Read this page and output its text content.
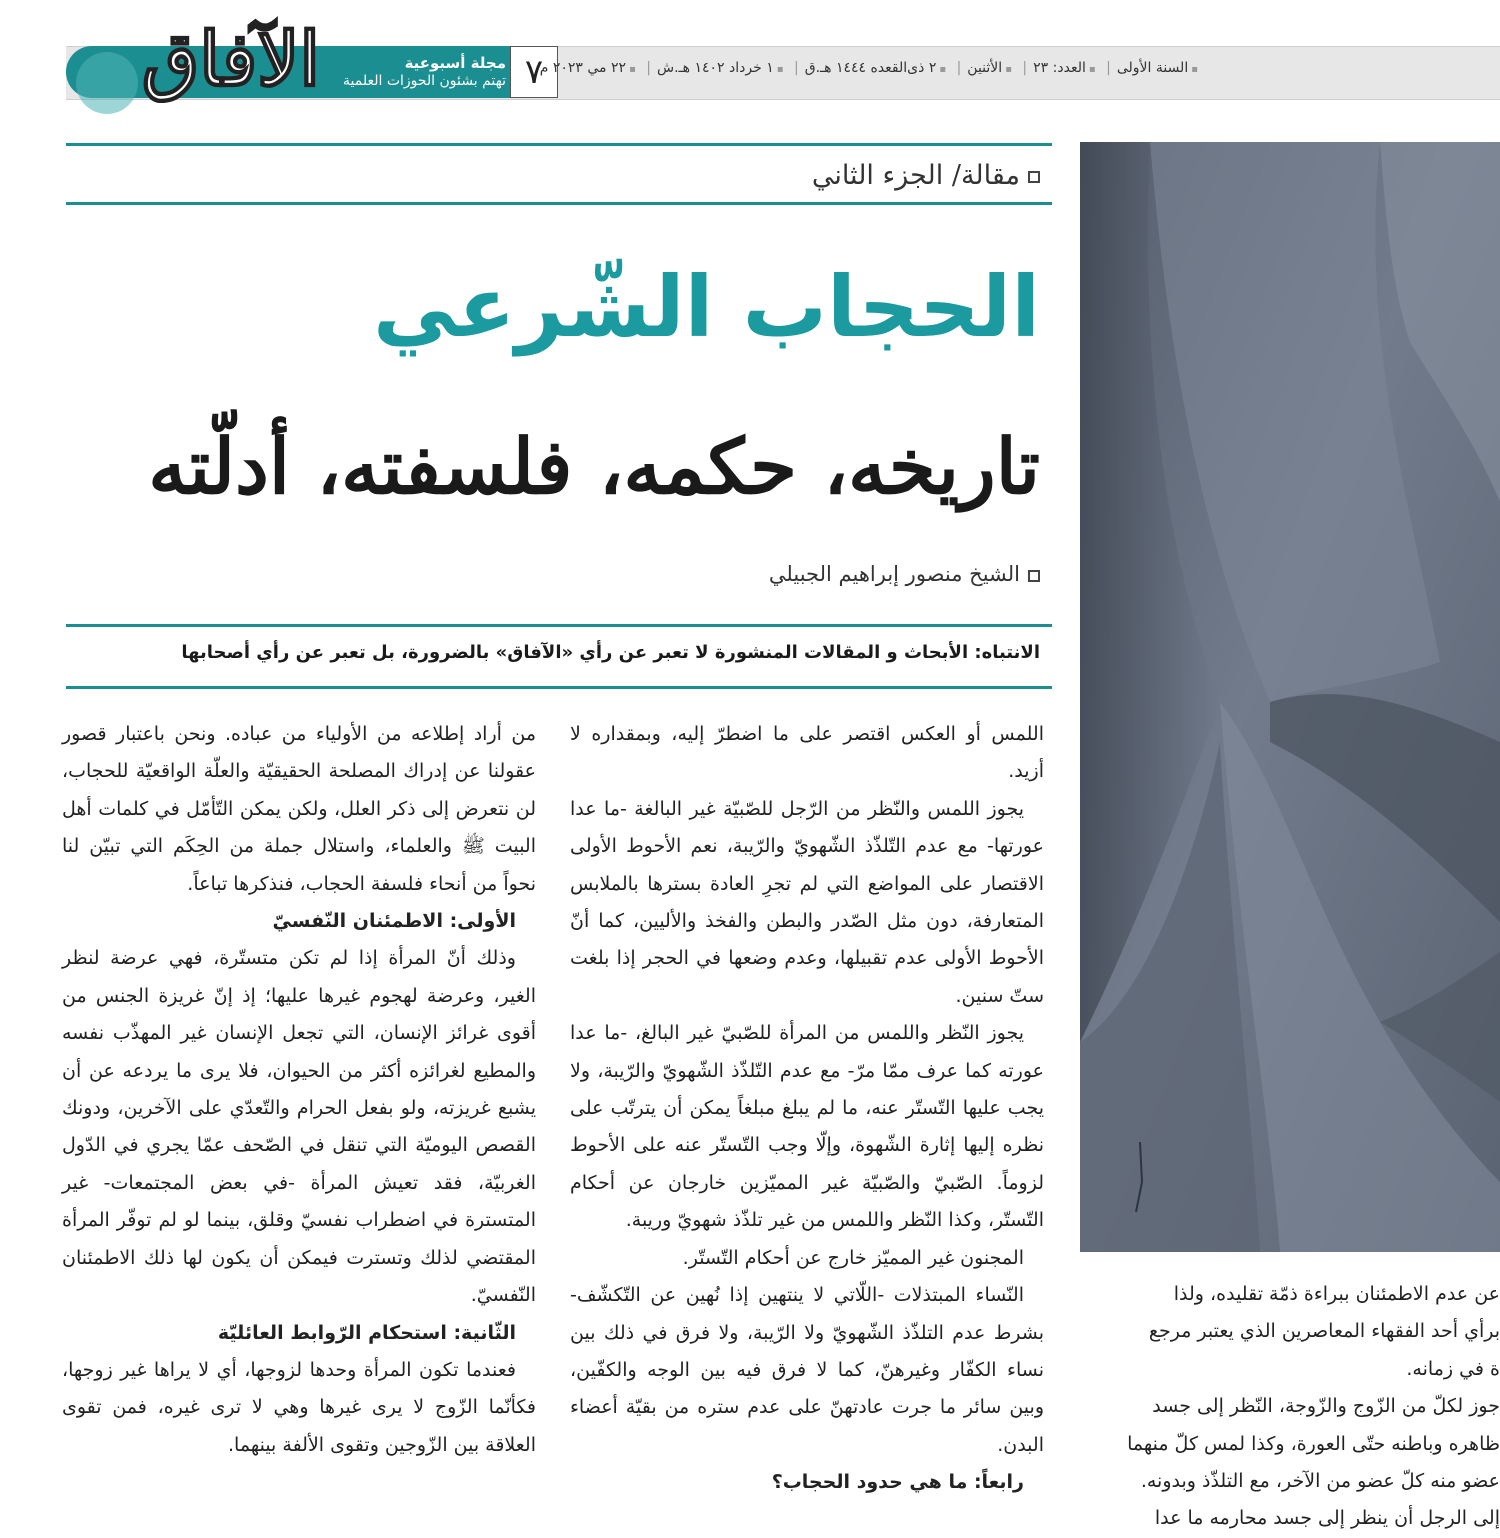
الآفاق	مجلة أسبوعية
تهتم بشئون الحوزات العلمية ٧	▪السنة الأولى| ▪العدد: ٢٣| ▪الأثنين| ▪٢ ذى‌القعده ١٤٤٤ هـ.ق| ▪١ خرداد ١٤٠٢ هـ.ش| ▪٢٢ مي ٢٠٢٣ م
مقالة/ الجزء الثاني
الحجاب الشّرعي
تاريخه، حكمه، فلسفته، أدلّته
الشيخ منصور إبراهيم الجبيلي
الانتباه: الأبحاث و المقالات المنشورة لا تعبر عن رأي «الآفاق» بالضرورة، بل تعبر عن رأي أصحابها

اللمس أو العكس اقتصر على ما اضطرّ إليه، وبمقداره لا أزيد.

يجوز اللمس والنّظر من الرّجل للصّبيّة غير البالغة -ما عدا عورتها- مع عدم التّلذّذ الشّهويّ والرّيبة، نعم الأحوط الأولى الاقتصار على المواضع التي لم تجرِ العادة بسترها بالملابس المتعارفة، دون مثل الصّدر والبطن والفخذ والأليين، كما أنّ الأحوط الأولى عدم تقبيلها، وعدم وضعها في الحجر إذا بلغت ستّ سنين.

يجوز النّظر واللمس من المرأة للصّبيّ غير البالغ، -ما عدا عورته كما عرف ممّا مرّ- مع عدم التّلذّذ الشّهويّ والرّيبة، ولا يجب عليها التّستّر عنه، ما لم يبلغ مبلغاً يمكن أن يترتّب على نظره إليها إثارة الشّهوة، وإلّا وجب التّستّر عنه على الأحوط لزوماً. الصّبيّ والصّبيّة غير المميّزين خارجان عن أحكام التّستّر، وكذا النّظر واللمس من غير تلذّذ شهويّ وريبة.

المجنون غير المميّز خارج عن أحكام التّستّر.

النّساء المبتذلات -اللّاتي لا ينتهين إذا نُهين عن التّكشّف- بشرط عدم التلذّذ الشّهويّ ولا الرّيبة، ولا فرق في ذلك بين نساء الكفّار وغيرهنّ، كما لا فرق فيه بين الوجه والكفّين، وبين سائر ما جرت عادتهنّ على عدم ستره من بقيّة أعضاء البدن.

رابعاً: ما هي حدود الحجاب؟

من أراد إطلاعه من الأولياء من عباده. ونحن باعتبار قصور عقولنا عن إدراك المصلحة الحقيقيّة والعلّة الواقعيّة للحجاب، لن نتعرض إلى ذكر العلل، ولكن يمكن التّأمّل في كلمات أهل البيت ﷺ والعلماء، واستلال جملة من الحِكَم التي تبيّن لنا نحواً من أنحاء فلسفة الحجاب، فنذكرها تباعاً.

الأولى: الاطمئنان النّفسيّ

وذلك أنّ المرأة إذا لم تكن متستّرة، فهي عرضة لنظر الغير، وعرضة لهجوم غيرها عليها؛ إذ إنّ غريزة الجنس من أقوى غرائز الإنسان، التي تجعل الإنسان غير المهذّب نفسه والمطيع لغرائزه أكثر من الحيوان، فلا يرى ما يردعه عن أن يشبع غريزته، ولو بفعل الحرام والتّعدّي على الآخرين، ودونك القصص اليوميّة التي تنقل في الصّحف عمّا يجري في الدّول الغربيّة، فقد تعيش المرأة -في بعض المجتمعات- غير المتسترة في اضطراب نفسيّ وقلق، بينما لو لم توفّر المرأة المقتضي لذلك وتسترت فيمكن أن يكون لها ذلك الاطمئنان النّفسيّ.

الثّانية: استحكام الرّوابط العائليّة

فعندما تكون المرأة وحدها لزوجها، أي لا يراها غير زوجها، فكأنّما الزّوج لا يرى غيرها وهي لا ترى غيره، فمن تقوى العلاقة بين الزّوجين وتقوى الألفة بينهما.

عن عدم الاطمئنان ببراءة ذمّة تقليده، ولذا

برأي أحد الفقهاء المعاصرين الذي يعتبر مرجع

ة في زمانه.

جوز لكلّ من الزّوج والزّوجة، النّظر إلى جسد

ظاهره وباطنه حتّى العورة، وكذا لمس كلّ منهما

عضو منه كلّ عضو من الآخر، مع التلذّذ وبدونه.

إلى الرجل أن ينظر إلى جسد محارمه ما عدا
